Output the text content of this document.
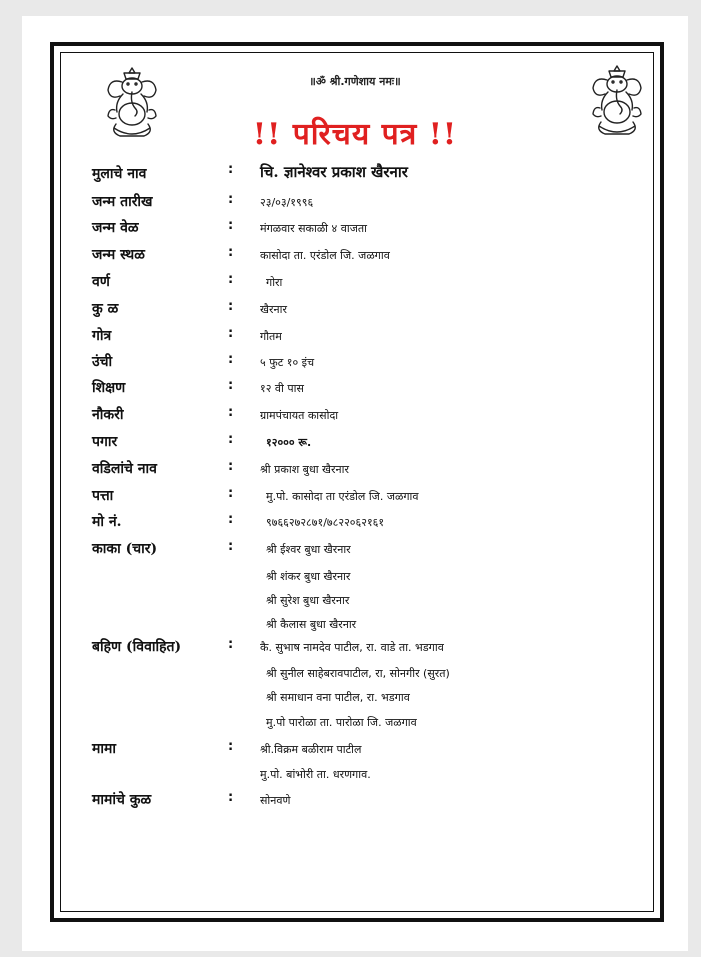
॥ॐ श्री.गणेशाय नमः॥
!! परिचय पत्र !!
मुलाचे नाव	: चि. ज्ञानेश्वर प्रकाश खैरनार
जन्म तारीख	: २३/०३/१९९६
जन्म वेळ	: मंगळवार सकाळी ४ वाजता
जन्म स्थळ	: कासोदा ता. एरंडोल जि. जळगाव
वर्ण	:	गोरा
कु ळ	: खैरनार
गोत्र	: गौतम
उंची	: ५ फुट १० इंच
शिक्षण	: १२ वी पास
नौकरी	: ग्रामपंचायत कासोदा
पगार	:	१२००० रू.
वडिलांचे नाव	: श्री प्रकाश बुधा खैरनार
पत्ता	:	मु.पो. कासोदा ता एरंडोल जि. जळगाव
मो नं.	:	९७६६२७२८७१/७८२२०६२१६१
काका (चार)	:	श्री ईश्वर बुधा खैरनार
श्री शंकर बुधा खैरनार
श्री सुरेश बुधा खैरनार
श्री कैलास बुधा खैरनार
बहिण (विवाहित)	: कै. सुभाष नामदेव पाटील, रा. वाडे ता. भडगाव
श्री सुनील साहेबरावपाटील, रा, सोनगीर (सुरत)
श्री समाधान वना पाटील, रा. भडगाव
मु.पो पारोळा ता. पारोळा जि. जळगाव
मामा	: श्री.विक्रम बळीराम पाटील
मु.पो. बांभोरी ता. धरणगाव.
मामांचे कुळ	: सोनवणे
